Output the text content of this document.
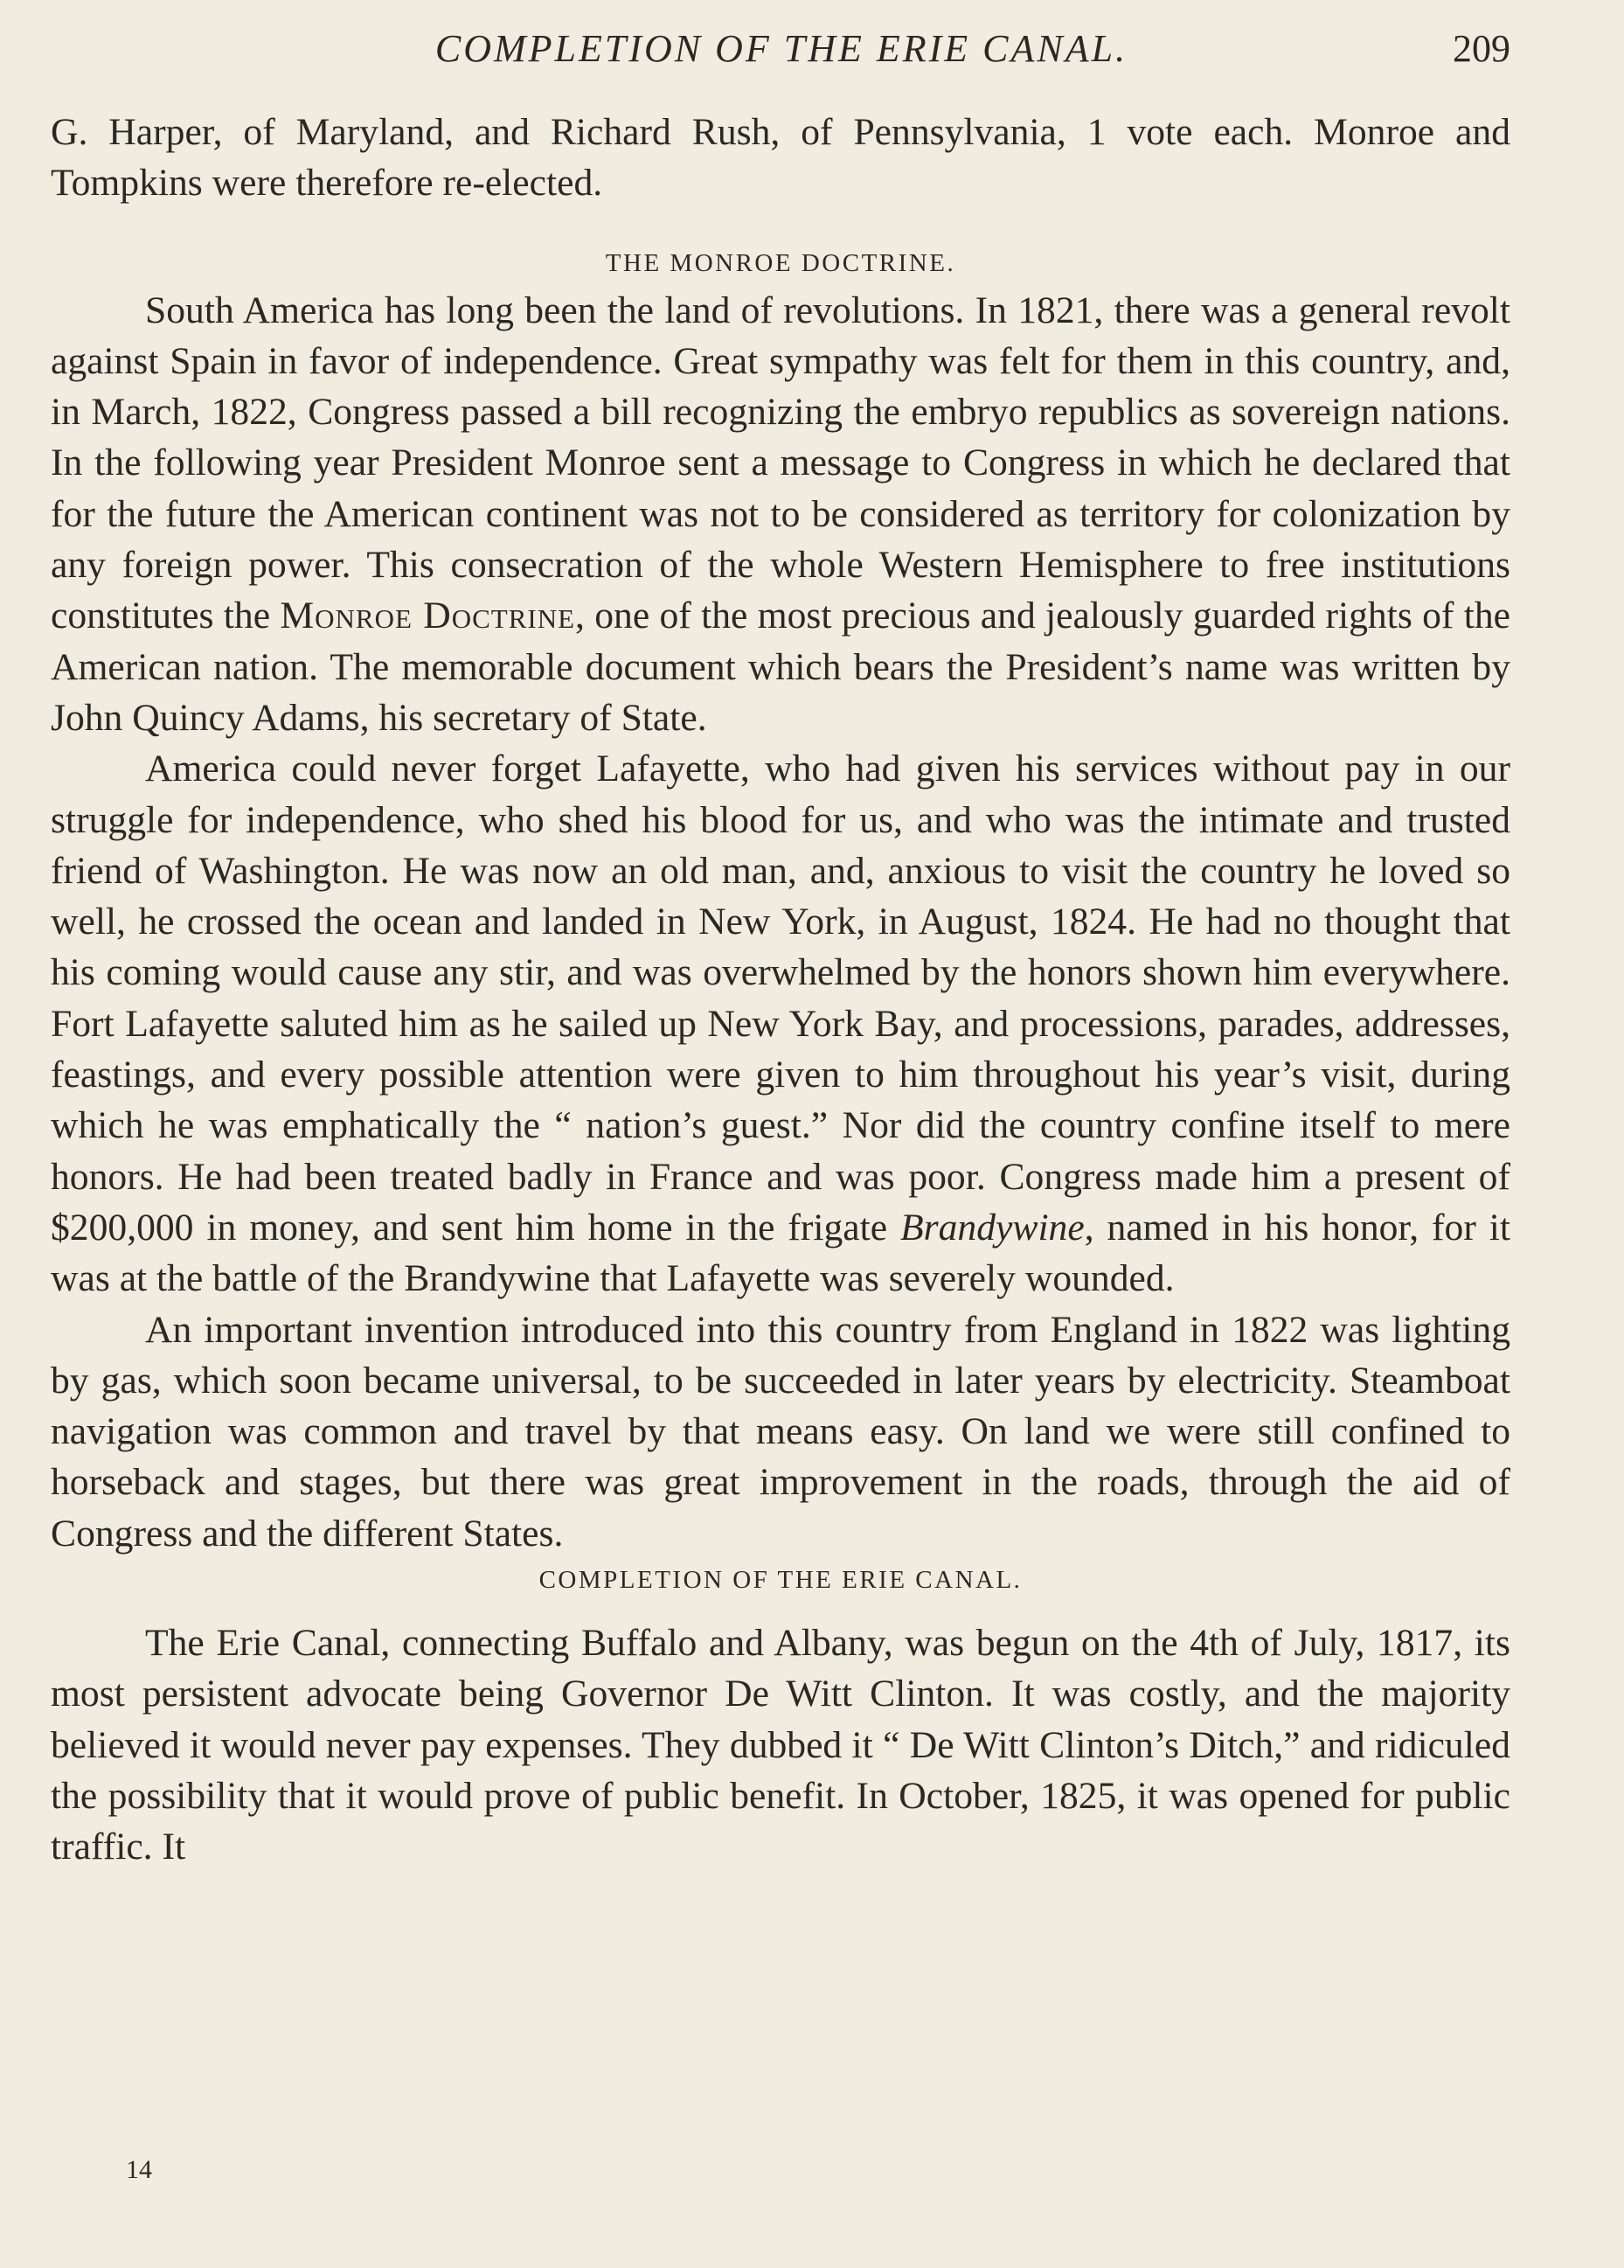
COMPLETION OF THE ERIE CANAL.	209

G. Harper, of Maryland, and Richard Rush, of Pennsylvania, 1 vote each. Monroe and Tompkins were therefore re-elected.

THE MONROE DOCTRINE.

South America has long been the land of revolutions. In 1821, there was a general revolt against Spain in favor of independence. Great sympathy was felt for them in this country, and, in March, 1822, Congress passed a bill recognizing the embryo republics as sovereign nations. In the following year President Monroe sent a message to Congress in which he declared that for the future the American continent was not to be considered as territory for colonization by any foreign power. This consecration of the whole Western Hemisphere to free institutions constitutes the Monroe Doctrine, one of the most precious and jealously guarded rights of the American nation. The memorable document which bears the President’s name was written by John Quincy Adams, his secretary of State.

America could never forget Lafayette, who had given his services without pay in our struggle for independence, who shed his blood for us, and who was the intimate and trusted friend of Washington. He was now an old man, and, anxious to visit the country he loved so well, he crossed the ocean and landed in New York, in August, 1824. He had no thought that his coming would cause any stir, and was overwhelmed by the honors shown him everywhere. Fort Lafayette saluted him as he sailed up New York Bay, and processions, parades, addresses, feastings, and every possible attention were given to him throughout his year’s visit, during which he was emphatically the “ nation’s guest.” Nor did the country confine itself to mere honors. He had been treated badly in France and was poor. Congress made him a present of $200,000 in money, and sent him home in the frigate Brandywine, named in his honor, for it was at the battle of the Brandywine that Lafayette was severely wounded.

An important invention introduced into this country from England in 1822 was lighting by gas, which soon became universal, to be succeeded in later years by electricity. Steamboat navigation was common and travel by that means easy. On land we were still confined to horseback and stages, but there was great improvement in the roads, through the aid of Congress and the different States.

COMPLETION OF THE ERIE CANAL.

The Erie Canal, connecting Buffalo and Albany, was begun on the 4th of July, 1817, its most persistent advocate being Governor De Witt Clinton. It was costly, and the majority believed it would never pay expenses. They dubbed it “ De Witt Clinton’s Ditch,” and ridiculed the possibility that it would prove of public benefit. In October, 1825, it was opened for public traffic. It

14
